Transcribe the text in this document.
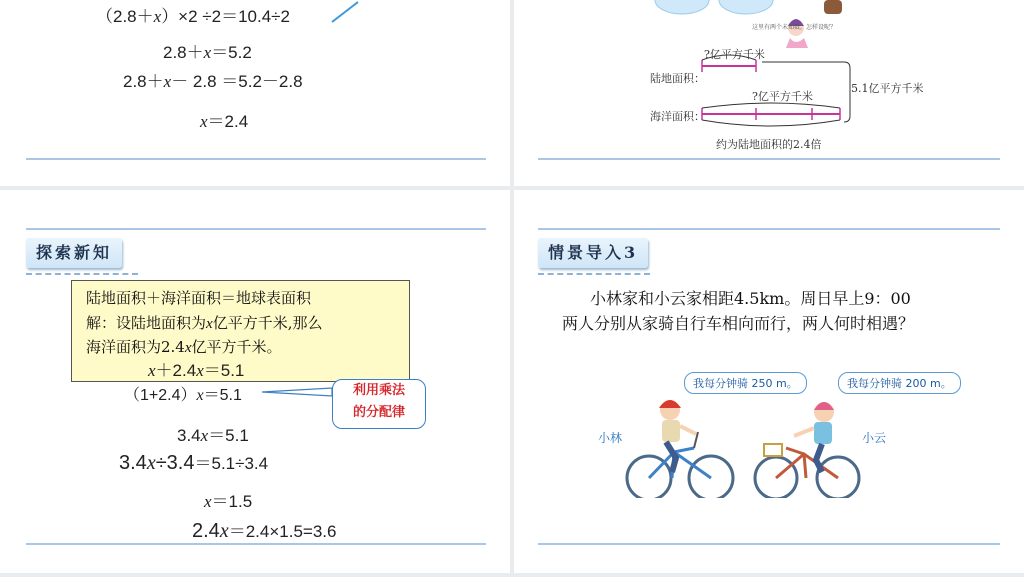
（2.8＋x）×2 ÷2＝10.4÷2
2.8＋x＝5.2
2.8＋x－ 2.8 ＝5.2－2.8
x＝2.4
这里有两个未知数，怎样设呢？
?亿平方千米
陆地面积：
?亿平方千米
海洋面积：
5.1亿平方千米
约为陆地面积的2.4倍
探索新知
陆地面积＋海洋面积＝地球表面积
解：设陆地面积为x亿平方千米,那么
海洋面积为2.4x亿平方千米。
x＋2.4x＝5.1
（1+2.4）x＝5.1	利用乘法
的分配律
3.4x＝5.1
3.4x÷3.4＝5.1÷3.4
x＝1.5
2.4x＝2.4×1.5=3.6
情景导入3
小林家和小云家相距4.5km。周日早上9：00
两人分别从家骑自行车相向而行，两人何时相遇？
我每分钟骑 250 m。	我每分钟骑 200 m。
小林	小云
